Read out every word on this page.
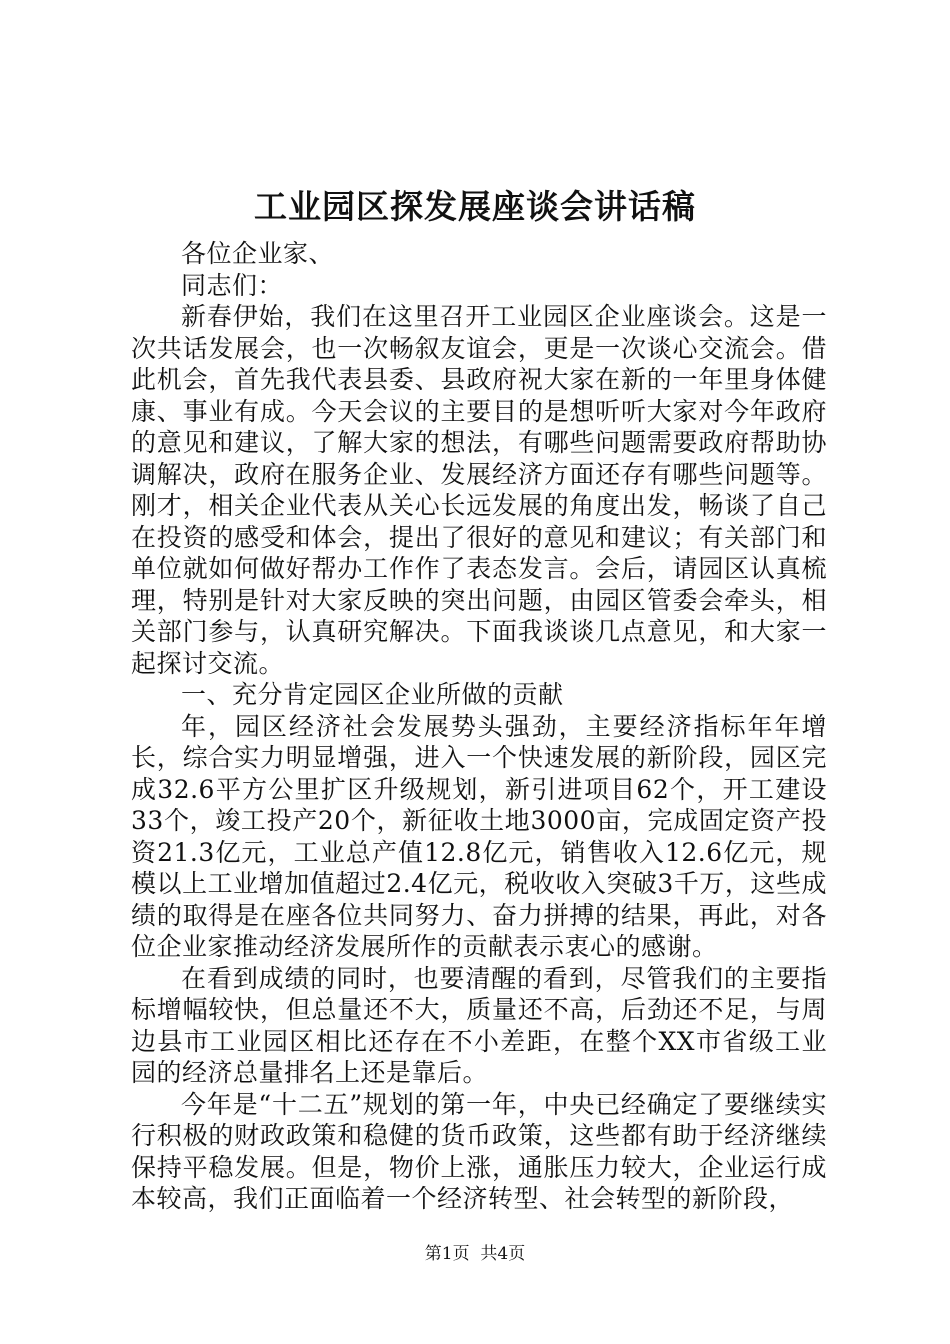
工业园区探发展座谈会讲话稿

各位企业家、

同志们：

新春伊始，我们在这里召开工业园区企业座谈会。这是一次共话发展会，也一次畅叙友谊会，更是一次谈心交流会。借此机会，首先我代表县委、县政府祝大家在新的一年里身体健康、事业有成。今天会议的主要目的是想听听大家对今年政府的意见和建议，了解大家的想法，有哪些问题需要政府帮助协调解决，政府在服务企业、发展经济方面还存有哪些问题等。刚才，相关企业代表从关心长远发展的角度出发，畅谈了自己在投资的感受和体会，提出了很好的意见和建议；有关部门和单位就如何做好帮办工作作了表态发言。会后，请园区认真梳理，特别是针对大家反映的突出问题，由园区管委会牵头，相关部门参与，认真研究解决。下面我谈谈几点意见，和大家一起探讨交流。

一、充分肯定园区企业所做的贡献

年，园区经济社会发展势头强劲，主要经济指标年年增长，综合实力明显增强，进入一个快速发展的新阶段，园区完成32.6平方公里扩区升级规划，新引进项目62个，开工建设33个，竣工投产20个，新征收土地3000亩，完成固定资产投资21.3亿元，工业总产值12.8亿元，销售收入12.6亿元，规模以上工业增加值超过2.4亿元，税收收入突破3千万，这些成绩的取得是在座各位共同努力、奋力拼搏的结果，再此，对各位企业家推动经济发展所作的贡献表示衷心的感谢。

在看到成绩的同时，也要清醒的看到，尽管我们的主要指标增幅较快，但总量还不大，质量还不高，后劲还不足，与周边县市工业园区相比还存在不小差距，在整个XX市省级工业园的经济总量排名上还是靠后。

今年是“十二五”规划的第一年，中央已经确定了要继续实行积极的财政政策和稳健的货币政策，这些都有助于经济继续保持平稳发展。但是，物价上涨，通胀压力较大，企业运行成本较高，我们正面临着一个经济转型、社会转型的新阶段，

第1页 共4页
